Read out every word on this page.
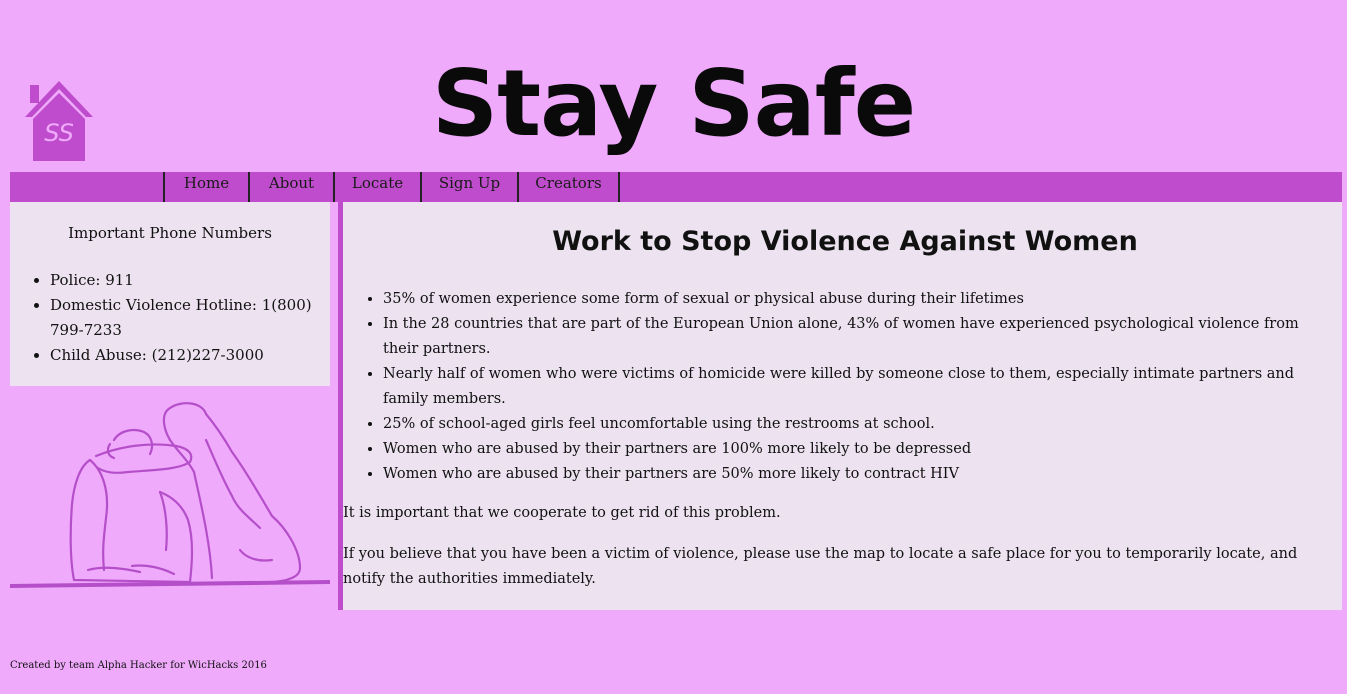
SS	Stay Safe
Home	About	Locate	Sign Up	Creators
Important Phone Numbers
• Police: 911
• Domestic Violence Hotline: 1(800) 799-7233
• Child Abuse: (212)227-3000
Work to Stop Violence Against Women
• 35% of women experience some form of sexual or physical abuse during their lifetimes
• In the 28 countries that are part of the European Union alone, 43% of women have experienced psychological violence from their partners.
• Nearly half of women who were victims of homicide were killed by someone close to them, especially intimate partners and family members.
• 25% of school-aged girls feel uncomfortable using the restrooms at school.
• Women who are abused by their partners are 100% more likely to be depressed
• Women who are abused by their partners are 50% more likely to contract HIV

It is important that we cooperate to get rid of this problem.

If you believe that you have been a victim of violence, please use the map to locate a safe place for you to temporarily locate, and notify the authorities immediately.

Created by team Alpha Hacker for WicHacks 2016
